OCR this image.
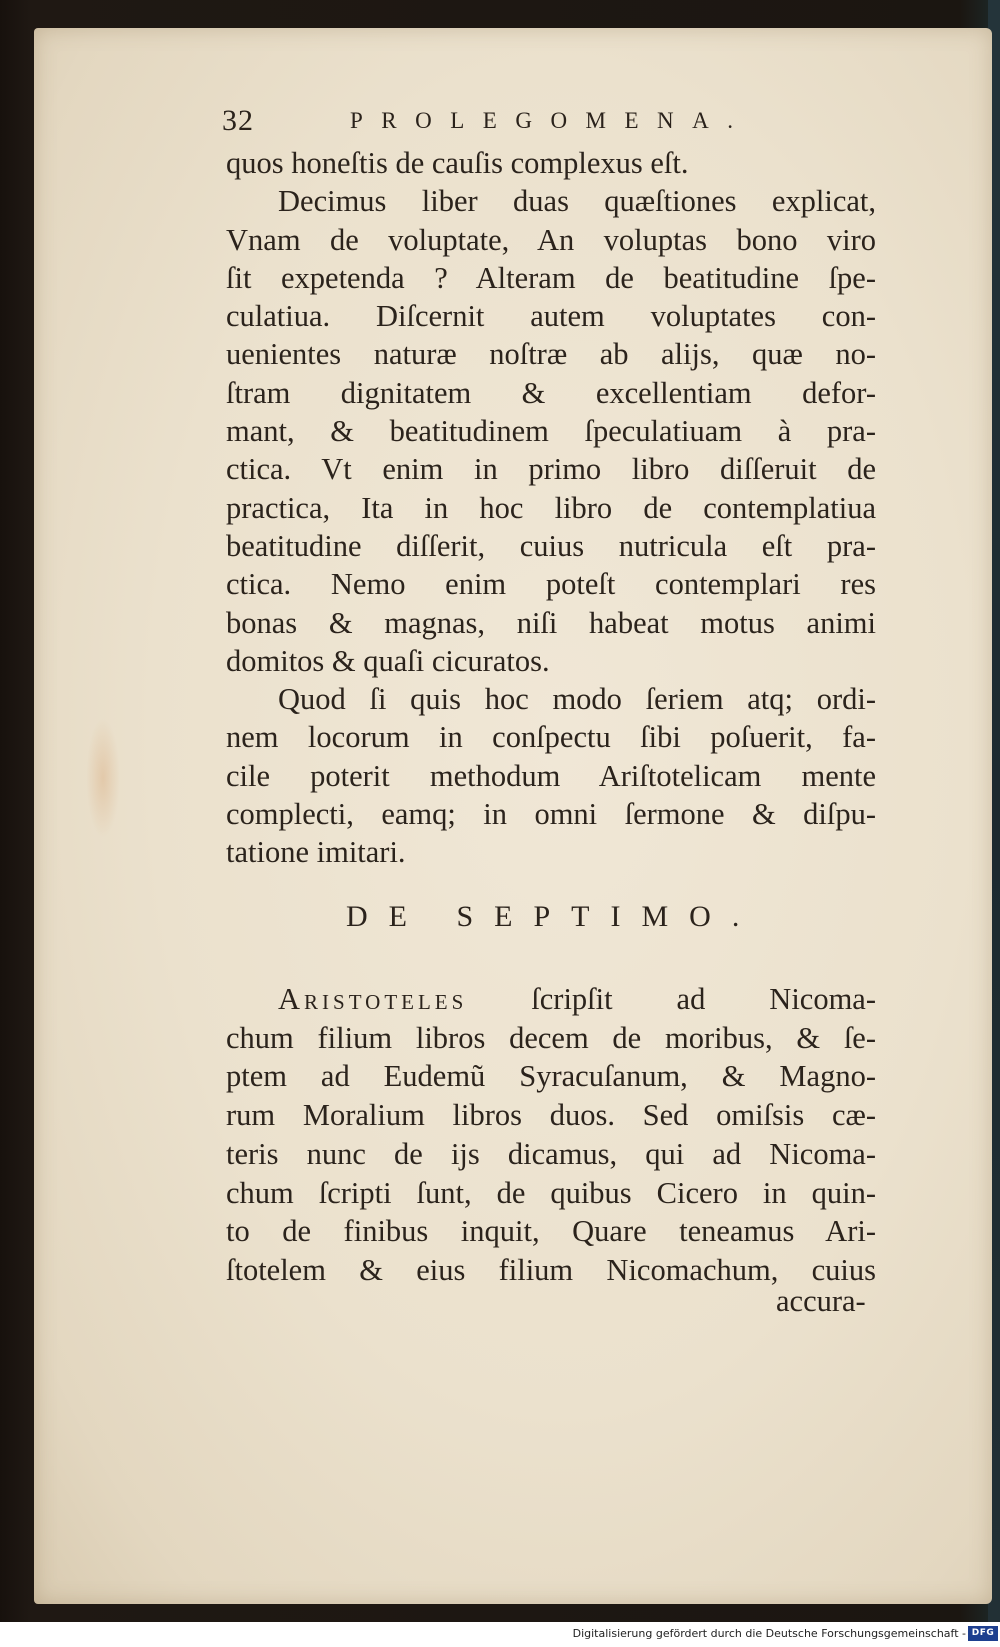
32	PROLEGOMENA.
quos honeſtis de cauſis complexus eſt.
Decimus liber duas quæſtiones explicat,
Vnam de voluptate, An voluptas bono viro
ſit expetenda ? Alteram de beatitudine ſpe-
culatiua. Diſcernit autem voluptates con-
uenientes naturæ noſtræ ab alijs, quæ no-
ſtram dignitatem & excellentiam defor-
mant, & beatitudinem ſpeculatiuam à pra-
ctica. Vt enim in primo libro diſſeruit de
practica, Ita in hoc libro de contemplatiua
beatitudine diſſerit, cuius nutricula eſt pra-
ctica. Nemo enim poteſt contemplari res
bonas & magnas, niſi habeat motus animi
domitos & quaſi cicuratos.
Quod ſi quis hoc modo ſeriem atq; ordi-
nem locorum in conſpectu ſibi poſuerit, fa-
cile poterit methodum Ariſtotelicam mente
complecti, eamq; in omni ſermone & diſpu-
tatione imitari.
DE SEPTIMO.
Aristoteles ſcripſit ad Nicoma-
chum filium libros decem de moribus, & ſe-
ptem ad Eudemũ Syracuſanum, & Magno-
rum Moralium libros duos. Sed omiſsis cæ-
teris nunc de ijs dicamus, qui ad Nicoma-
chum ſcripti ſunt, de quibus Cicero in quin-
to de finibus inquit, Quare teneamus Ari-
ſtotelem & eius filium Nicomachum, cuius
accura-
Digitalisierung gefördert durch die Deutsche Forschungsgemeinschaft - DFG
